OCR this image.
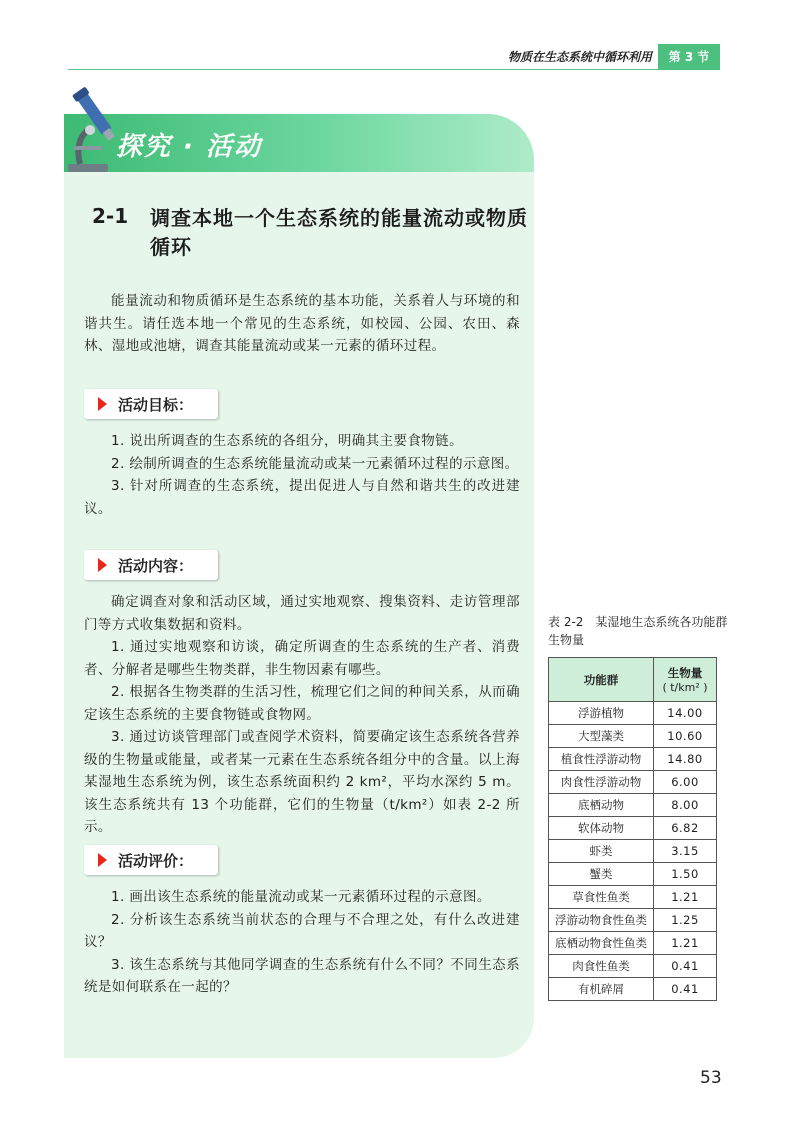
物质在生态系统中循环利用	第 3 节
探究 · 活动
2-1 调查本地一个生态系统的能量流动或物质循环

能量流动和物质循环是生态系统的基本功能，关系着人与环境的和谐共生。请任选本地一个常见的生态系统，如校园、公园、农田、森林、湿地或池塘，调查其能量流动或某一元素的循环过程。

活动目标：

1. 说出所调查的生态系统的各组分，明确其主要食物链。

2. 绘制所调查的生态系统能量流动或某一元素循环过程的示意图。

3. 针对所调查的生态系统，提出促进人与自然和谐共生的改进建议。

活动内容：

确定调查对象和活动区域，通过实地观察、搜集资料、走访管理部门等方式收集数据和资料。

1. 通过实地观察和访谈，确定所调查的生态系统的生产者、消费者、分解者是哪些生物类群，非生物因素有哪些。

2. 根据各生物类群的生活习性，梳理它们之间的种间关系，从而确定该生态系统的主要食物链或食物网。

3. 通过访谈管理部门或查阅学术资料，简要确定该生态系统各营养级的生物量或能量，或者某一元素在生态系统各组分中的含量。以上海某湿地生态系统为例，该生态系统面积约 2 km²，平均水深约 5 m。该生态系统共有 13 个功能群，它们的生物量（t/km²）如表 2-2 所示。

活动评价：

1. 画出该生态系统的能量流动或某一元素循环过程的示意图。

2. 分析该生态系统当前状态的合理与不合理之处，有什么改进建议？

3. 该生态系统与其他同学调查的生态系统有什么不同？不同生态系统是如何联系在一起的？

表 2-2　某湿地生态系统各功能群生物量
功能群	生物量
( t/km² )

浮游植物	14.00
大型藻类	10.60
植食性浮游动物	14.80
肉食性浮游动物	6.00
底栖动物	8.00
软体动物	6.82
虾类	3.15
蟹类	1.50
草食性鱼类	1.21
浮游动物食性鱼类	1.25
底栖动物食性鱼类	1.21
肉食性鱼类	0.41
有机碎屑	0.41
53
